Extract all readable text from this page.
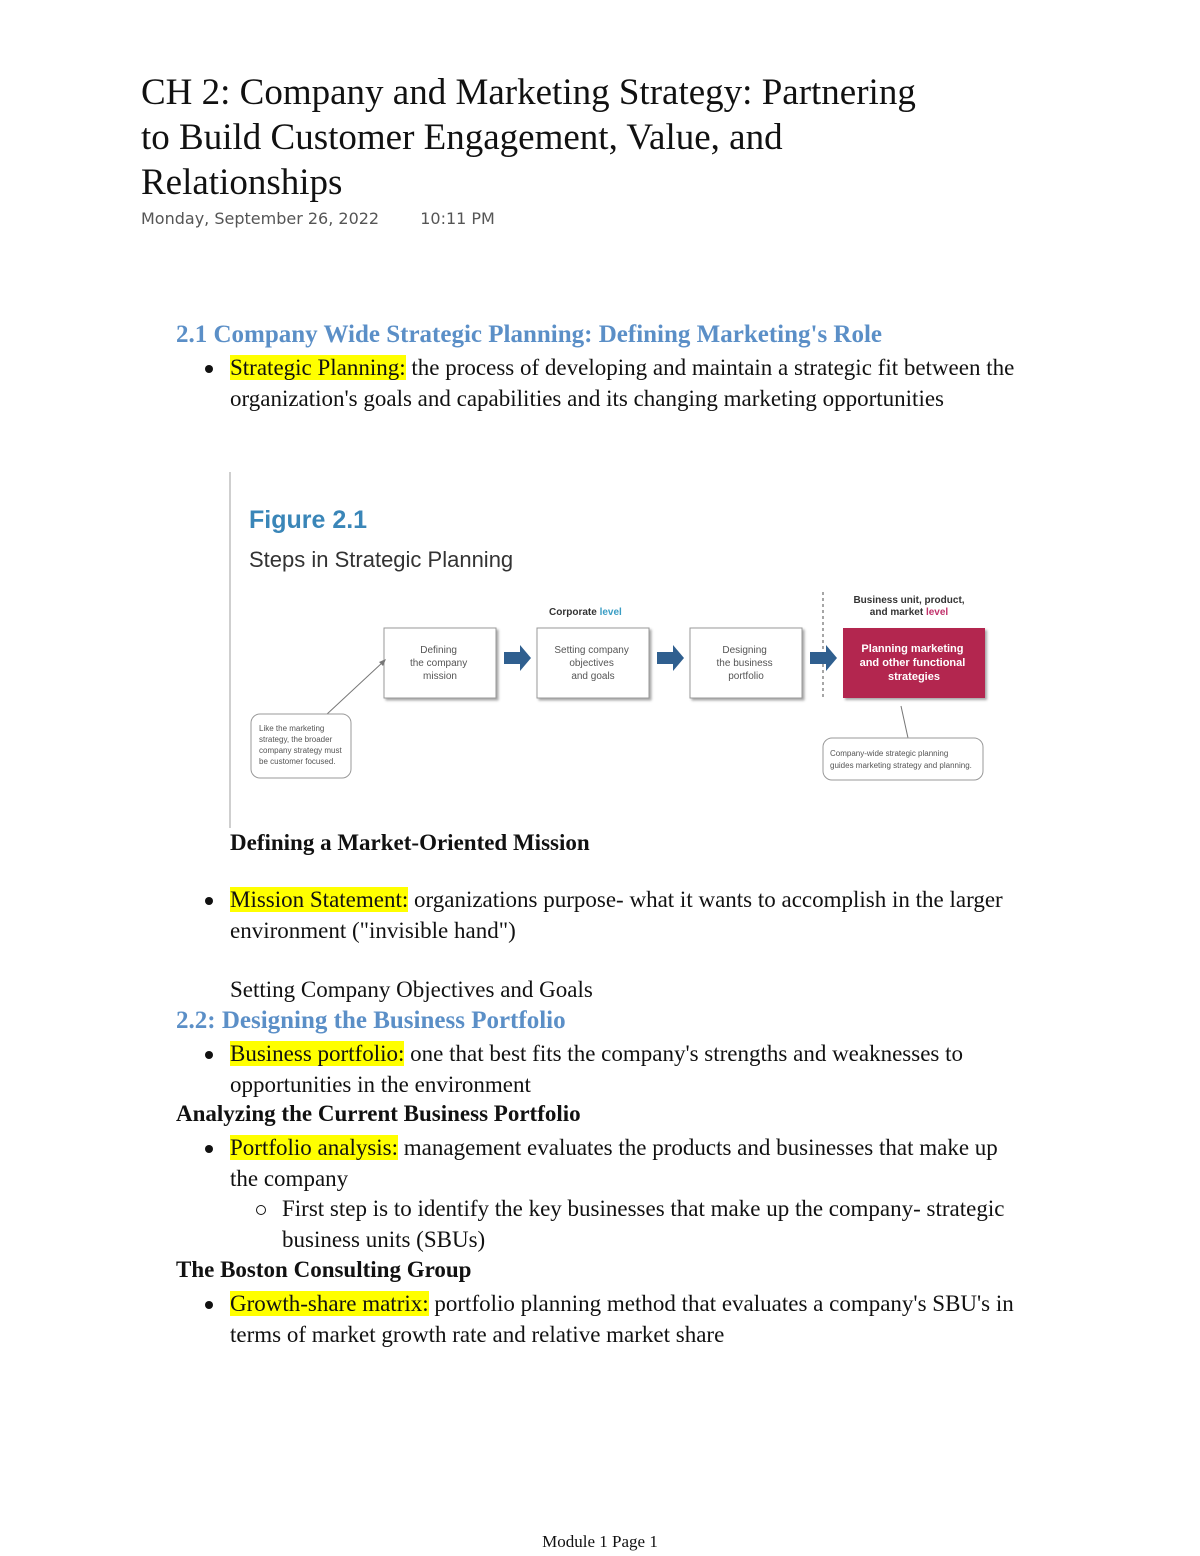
CH 2: Company and Marketing Strategy: Partnering to Build Customer Engagement, Value, and Relationships
Monday, September 26, 2022	10:11 PM
2.1 Company Wide Strategic Planning: Defining Marketing's Role
Strategic Planning: the process of developing and maintain a strategic fit between the organization's goals and capabilities and its changing marketing opportunities
Figure 2.1
Steps in Strategic Planning
Corporate level
Business unit, product,
and market level
Defining the company mission
Setting company objectives and goals
Designing the business portfolio
Planning marketing and other functional strategies
Like the marketing strategy, the broader company strategy must be customer focused.
Company-wide strategic planning guides marketing strategy and planning.
Defining a Market-Oriented Mission
Mission Statement: organizations purpose- what it wants to accomplish in the larger environment ("invisible hand")
Setting Company Objectives and Goals
2.2: Designing the Business Portfolio
Business portfolio: one that best fits the company's strengths and weaknesses to opportunities in the environment
Analyzing the Current Business Portfolio
Portfolio analysis: management evaluates the products and businesses that make up the company
First step is to identify the key businesses that make up the company- strategic business units (SBUs)
The Boston Consulting Group
Growth-share matrix: portfolio planning method that evaluates a company's SBU's in terms of market growth rate and relative market share
Module 1 Page 1
